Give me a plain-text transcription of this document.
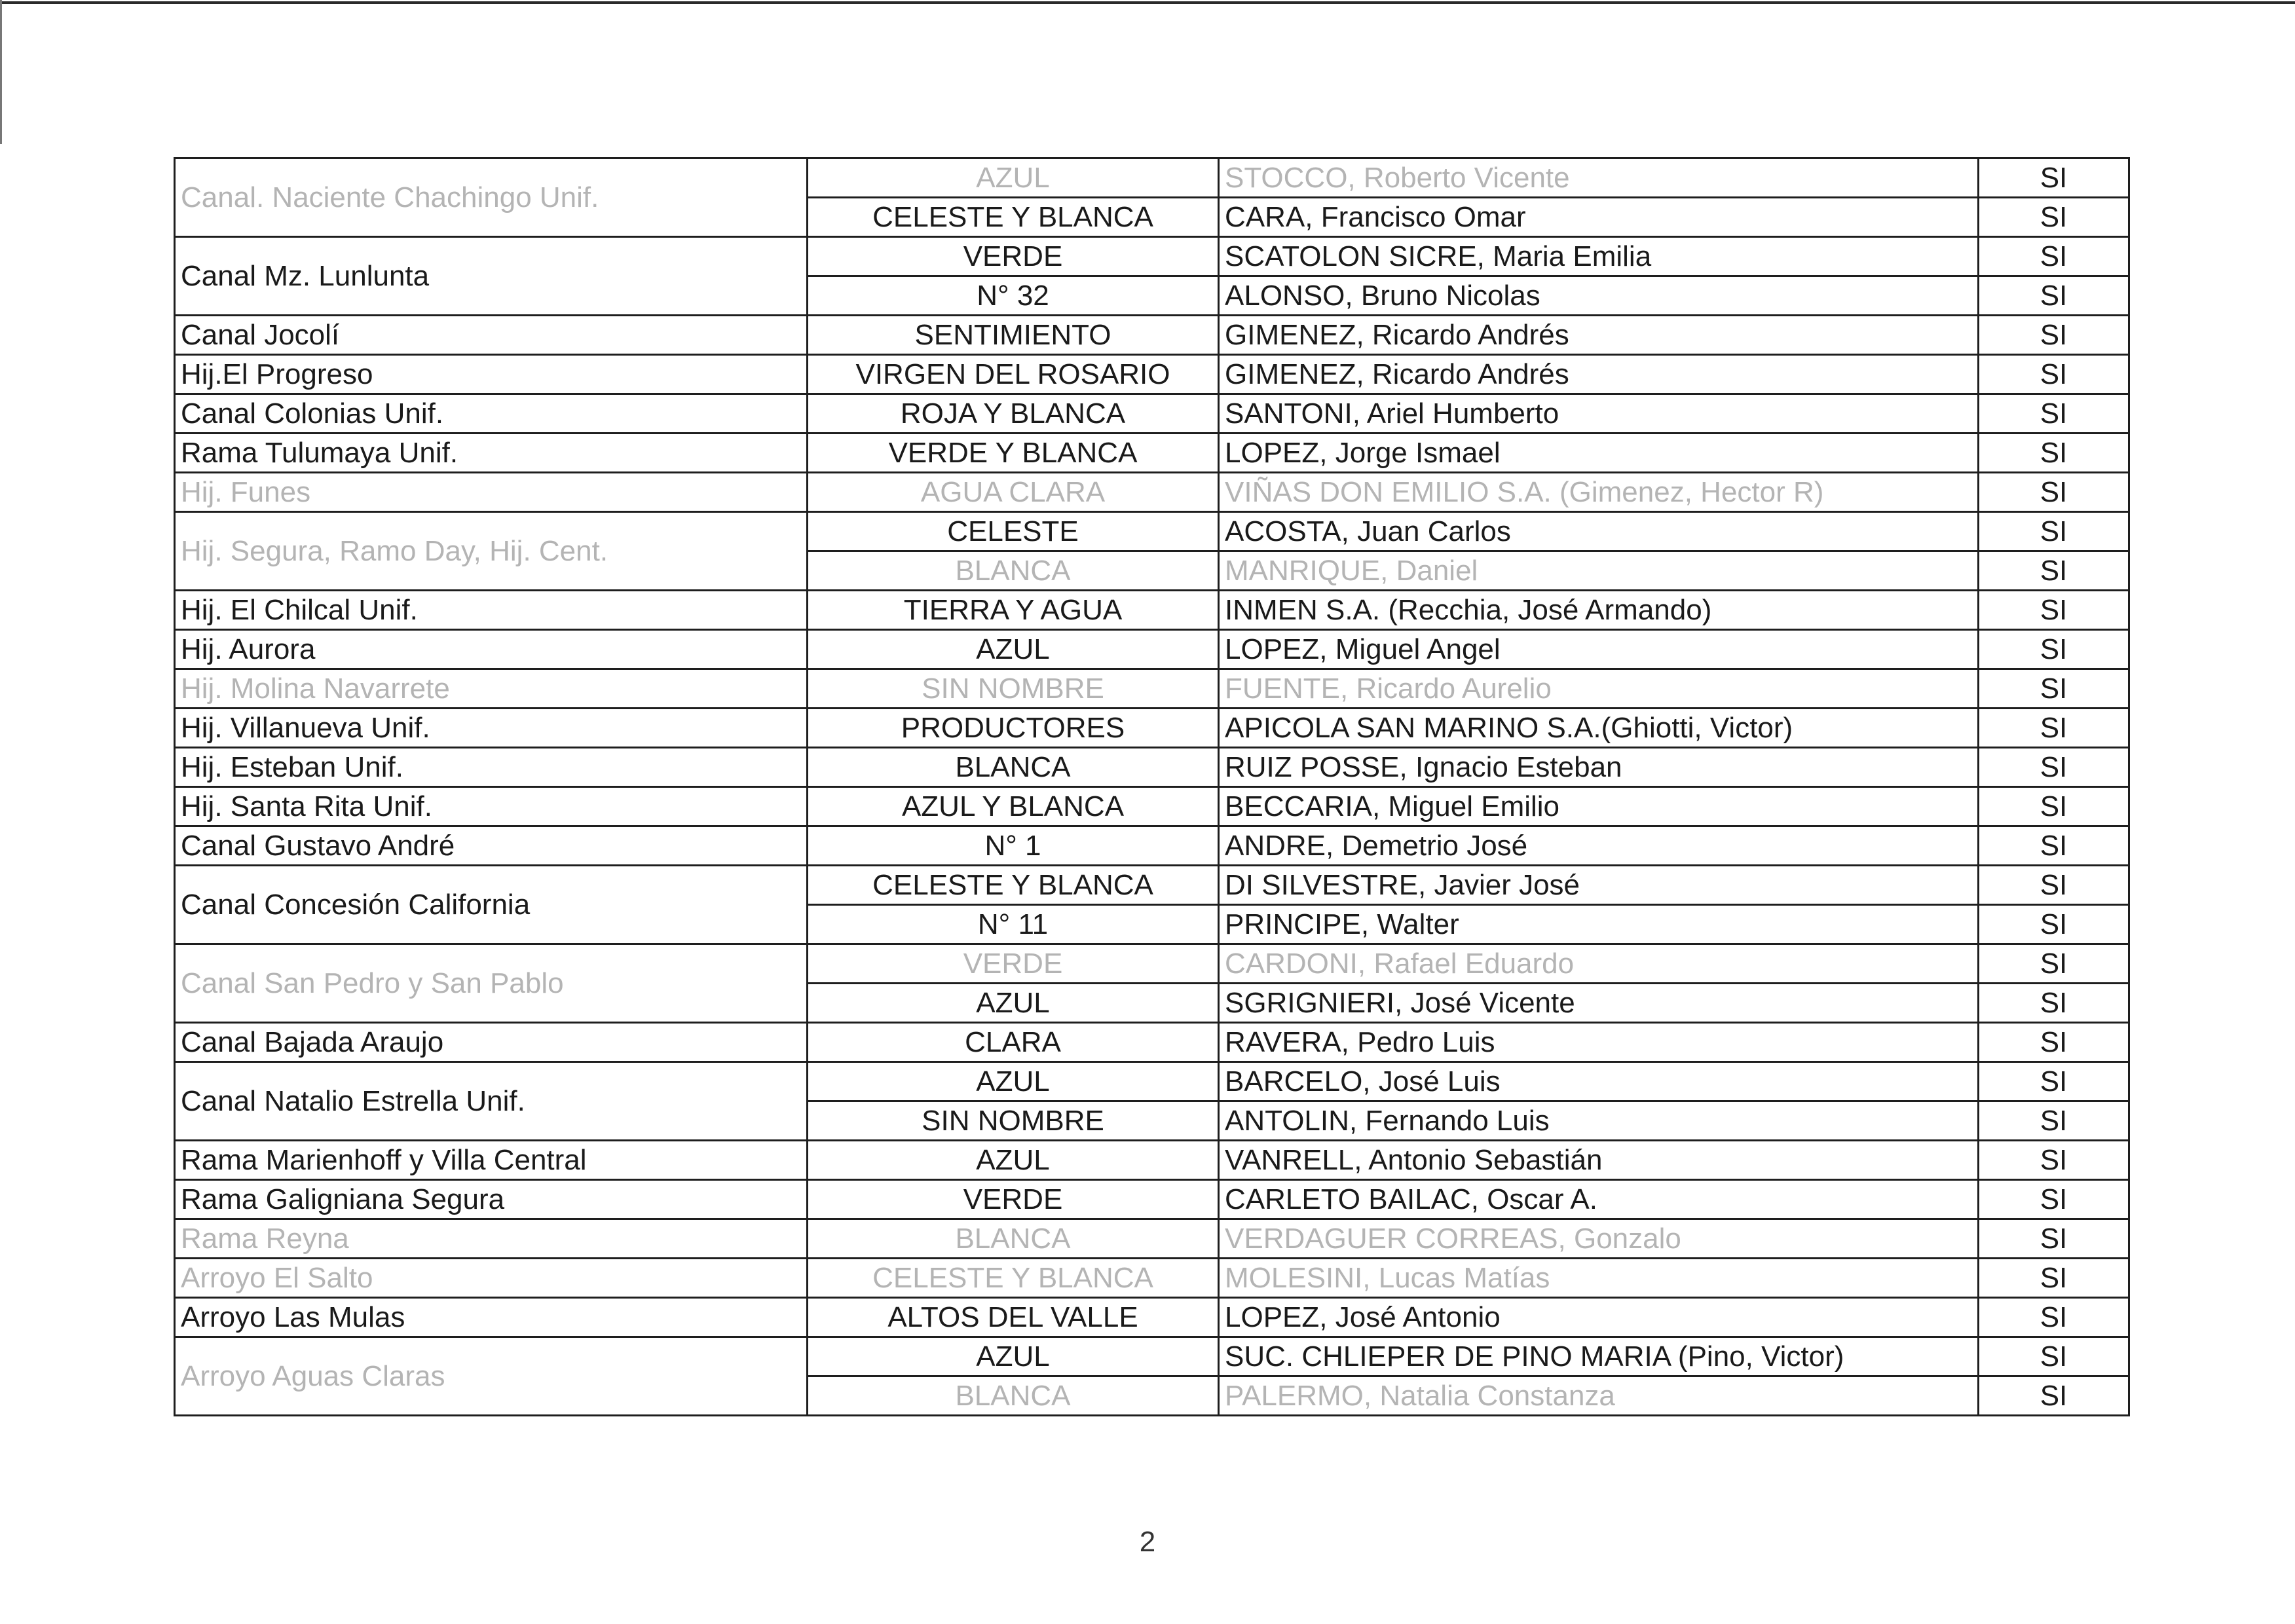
Canal. Naciente Chachingo Unif.	AZUL	STOCCO, Roberto Vicente	SI
	CELESTE Y BLANCA	CARA, Francisco Omar	SI
Canal Mz. Lunlunta	VERDE	SCATOLON SICRE, Maria Emilia	SI
	N° 32	ALONSO, Bruno Nicolas	SI
Canal Jocolí	SENTIMIENTO	GIMENEZ, Ricardo Andrés	SI
Hij.El Progreso	VIRGEN DEL ROSARIO	GIMENEZ, Ricardo Andrés	SI
Canal Colonias Unif.	ROJA Y BLANCA	SANTONI, Ariel Humberto	SI
Rama Tulumaya Unif.	VERDE Y BLANCA	LOPEZ, Jorge Ismael	SI
Hij. Funes	AGUA CLARA	VIÑAS DON EMILIO S.A. (Gimenez, Hector R)	SI
Hij. Segura, Ramo Day, Hij. Cent.	CELESTE	ACOSTA, Juan Carlos	SI
	BLANCA	MANRIQUE, Daniel	SI
Hij. El Chilcal Unif.	TIERRA Y AGUA	INMEN S.A. (Recchia, José Armando)	SI
Hij. Aurora	AZUL	LOPEZ, Miguel Angel	SI
Hij. Molina Navarrete	SIN NOMBRE	FUENTE, Ricardo Aurelio	SI
Hij. Villanueva Unif.	PRODUCTORES	APICOLA SAN MARINO S.A.(Ghiotti, Victor)	SI
Hij. Esteban Unif.	BLANCA	RUIZ POSSE, Ignacio Esteban	SI
Hij. Santa Rita Unif.	AZUL Y BLANCA	BECCARIA, Miguel Emilio	SI
Canal Gustavo André	N° 1	ANDRE, Demetrio José	SI
Canal Concesión California	CELESTE Y BLANCA	DI SILVESTRE, Javier José	SI
	N° 11	PRINCIPE, Walter	SI
Canal San Pedro y San Pablo	VERDE	CARDONI, Rafael Eduardo	SI
	AZUL	SGRIGNIERI, José Vicente	SI
Canal Bajada Araujo	CLARA	RAVERA, Pedro Luis	SI
Canal Natalio Estrella Unif.	AZUL	BARCELO, José Luis	SI
	SIN NOMBRE	ANTOLIN, Fernando Luis	SI
Rama Marienhoff y Villa Central	AZUL	VANRELL, Antonio Sebastián	SI
Rama Galigniana Segura	VERDE	CARLETO BAILAC, Oscar A.	SI
Rama Reyna	BLANCA	VERDAGUER CORREAS, Gonzalo	SI
Arroyo El Salto	CELESTE Y BLANCA	MOLESINI, Lucas Matías	SI
Arroyo Las Mulas	ALTOS DEL VALLE	LOPEZ, José Antonio	SI
Arroyo Aguas Claras	AZUL	SUC. CHLIEPER DE PINO MARIA (Pino, Victor)	SI
	BLANCA	PALERMO, Natalia Constanza	SI
2
